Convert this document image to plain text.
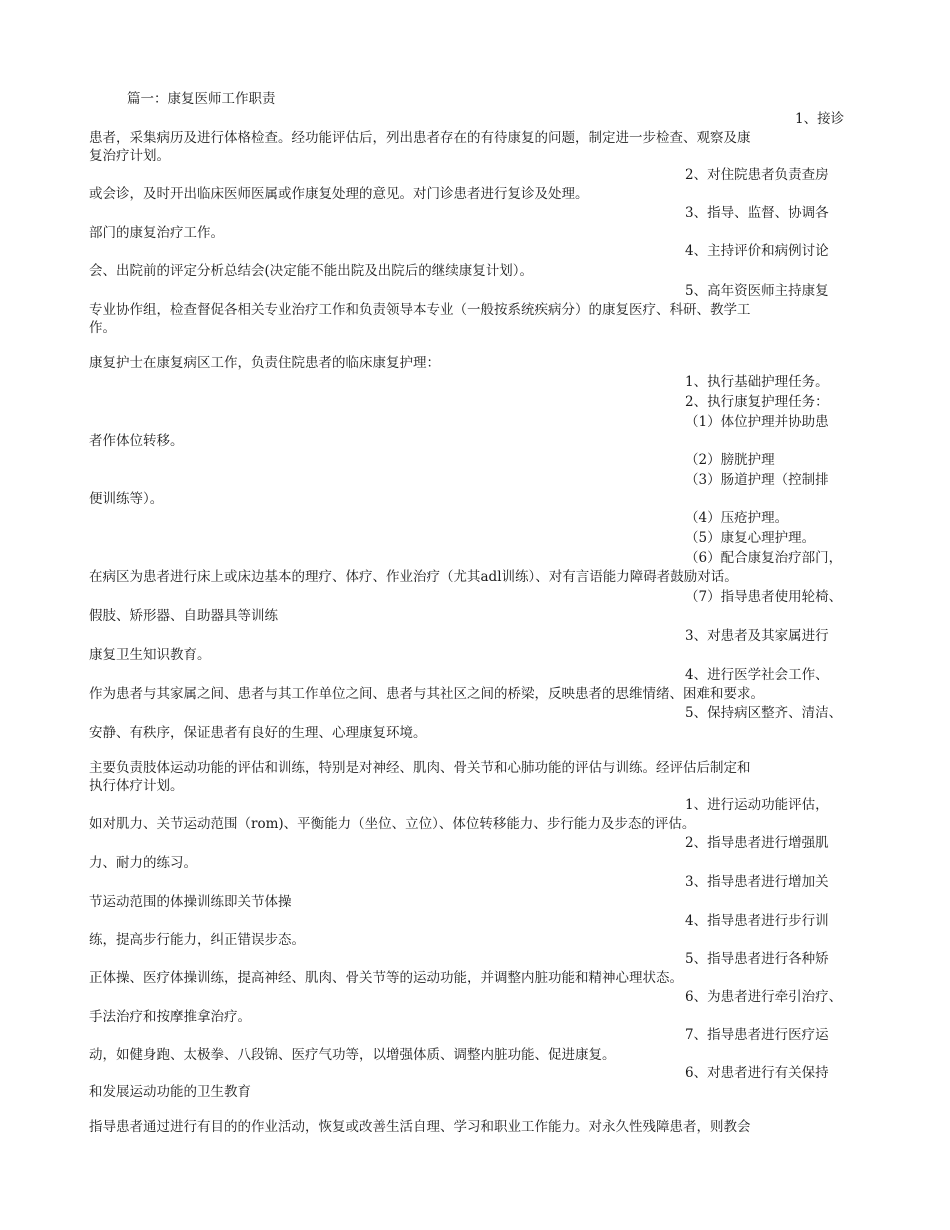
篇一：康复医师工作职责
1、接诊
患者，采集病历及进行体格检查。经功能评估后，列出患者存在的有待康复的问题，制定进一步检查、观察及康
复治疗计划。
2、对住院患者负责查房
或会诊，及时开出临床医师医属或作康复处理的意见。对门诊患者进行复诊及处理。
3、指导、监督、协调各
部门的康复治疗工作。
4、主持评价和病例讨论
会、出院前的评定分析总结会(决定能不能出院及出院后的继续康复计划）。
5、高年资医师主持康复
专业协作组，检查督促各相关专业治疗工作和负责领导本专业（一般按系统疾病分）的康复医疗、科研、教学工
作。
康复护士在康复病区工作，负责住院患者的临床康复护理：
1、执行基础护理任务。
2、执行康复护理任务：
（1）体位护理并协助患
者作体位转移。
（2）膀胱护理
（3）肠道护理（控制排
便训练等）。
（4）压疮护理。
（5）康复心理护理。
（6）配合康复治疗部门，
在病区为患者进行床上或床边基本的理疗、体疗、作业治疗（尤其adl训练）、对有言语能力障碍者鼓励对话。
（7）指导患者使用轮椅、
假肢、矫形器、自助器具等训练
3、对患者及其家属进行
康复卫生知识教育。
4、进行医学社会工作、
作为患者与其家属之间、患者与其工作单位之间、患者与其社区之间的桥梁，反映患者的思维情绪、困难和要求。
5、保持病区整齐、清洁、
安静、有秩序，保证患者有良好的生理、心理康复环境。
主要负责肢体运动功能的评估和训练，特别是对神经、肌肉、骨关节和心肺功能的评估与训练。经评估后制定和
执行体疗计划。
1、进行运动功能评估，
如对肌力、关节运动范围（rom)、平衡能力（坐位、立位）、体位转移能力、步行能力及步态的评估。
2、指导患者进行增强肌
力、耐力的练习。
3、指导患者进行增加关
节运动范围的体操训练即关节体操
4、指导患者进行步行训
练，提高步行能力，纠正错误步态。
5、指导患者进行各种矫
正体操、医疗体操训练，提高神经、肌肉、骨关节等的运动功能，并调整内脏功能和精神心理状态。
6、为患者进行牵引治疗、
手法治疗和按摩推拿治疗。
7、指导患者进行医疗运
动，如健身跑、太极拳、八段锦、医疗气功等，以增强体质、调整内脏功能、促进康复。
6、对患者进行有关保持
和发展运动功能的卫生教育
指导患者通过进行有目的的作业活动，恢复或改善生活自理、学习和职业工作能力。对永久性残障患者，则教会
